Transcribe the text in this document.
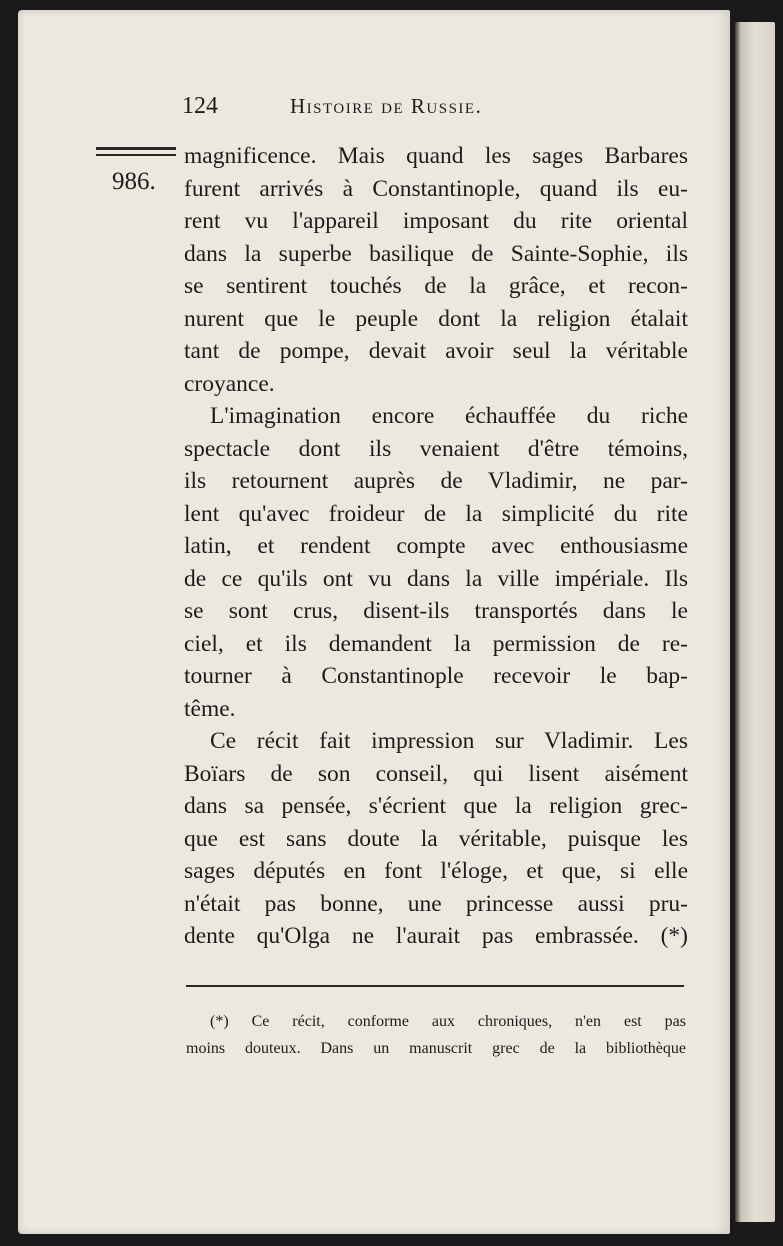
124	Histoire de Russie.
986.
magnificence. Mais quand les sages Barbares
furent arrivés à Constantinople, quand ils eu-
rent vu l'appareil imposant du rite oriental
dans la superbe basilique de Sainte-Sophie, ils
se sentirent touchés de la grâce, et recon-
nurent que le peuple dont la religion étalait
tant de pompe, devait avoir seul la véritable
croyance.
L'imagination encore échauffée du riche
spectacle dont ils venaient d'être témoins,
ils retournent auprès de Vladimir, ne par-
lent qu'avec froideur de la simplicité du rite
latin, et rendent compte avec enthousiasme
de ce qu'ils ont vu dans la ville impériale. Ils
se sont crus, disent-ils transportés dans le
ciel, et ils demandent la permission de re-
tourner à Constantinople recevoir le bap-
tême.
Ce récit fait impression sur Vladimir. Les
Boïars de son conseil, qui lisent aisément
dans sa pensée, s'écrient que la religion grec-
que est sans doute la véritable, puisque les
sages députés en font l'éloge, et que, si elle
n'était pas bonne, une princesse aussi pru-
dente qu'Olga ne l'aurait pas embrassée. (*)
(*) Ce récit, conforme aux chroniques, n'en est pas
moins douteux. Dans un manuscrit grec de la bibliothèque
